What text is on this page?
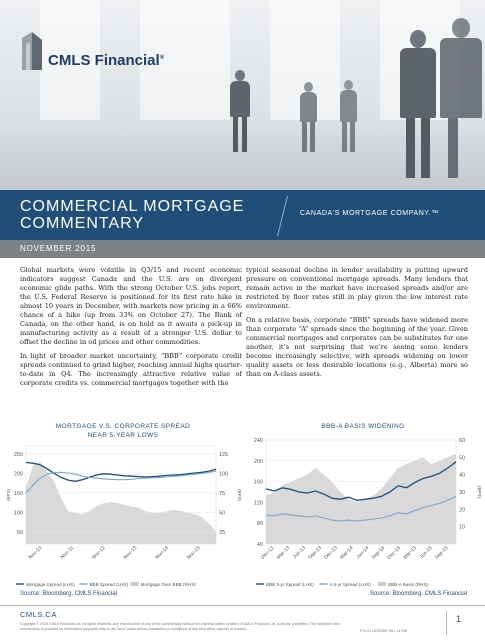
CMLS Financial®
COMMERCIAL MORTGAGE
COMMENTARY
CANADA'S MORTGAGE COMPANY.™
NOVEMBER 2015

Global markets were volatile in Q3/15 and recent economic indicators suggest Canada and the U.S. are on divergent economic glide paths. With the strong October U.S. jobs report, the U.S. Federal Reserve is positioned for its first rate hike in almost 10 years in December, with markets now pricing in a 66% chance of a hike (up from 33% on October 27). The Bank of Canada, on the other hand, is on hold as it awaits a pick-up in manufacturing activity as a result of a stronger U.S. dollar to offset the decline in oil prices and other commodities.

In light of broader market uncertainty, “BBB” corporate credit spreads continued to grind higher, reaching annual highs quarter-to-date in Q4. The increasingly attractive relative value of corporate credits vs. commercial mortgages together with the

typical seasonal decline in lender availability is putting upward pressure on conventional mortgage spreads. Many lenders that remain active in the market have increased spreads and/or are restricted by floor rates still in play given the low interest rate environment.

On a relative basis, corporate “BBB” spreads have widened more than corporate “A” spreads since the beginning of the year. Given commercial mortgages and corporates can be substitutes for one another, it’s not surprising that we’re seeing some lenders become increasingly selective, with spreads widening on lower quality assets or less desirable locations (e.g., Alberta) more so than on A-class assets.

MORTGAGE V.S. CORPORATE SPREAD
NEAR 5-YEAR LOWS
50
100
150
200
250
25
50
75
100
125
(BPS)	(BPS)
Nov-10	Nov-11	Nov-12	Nov-13	Nov-14	Nov-15
Mortgage Spread (LHS)	BBB Spread (LHS)	Mortgage Over BBB (RHS)
Source: Bloomberg, CMLS Financial
BBB-A BASIS WIDENING
40
80
120
160
200
240
10
20
30
40
50
60
(BPS)
Dec-12 Mar-13 Jun-13 Sep-13 Dec-13 Mar-14 Jun-14 Sep-14 Dec-14 Mar-15 Jun-15 Sep-15
BBB 5-yr Spread (LHS)	A 5-yr Spread (LHS)	BBB-A Basis (RHS)
Source: Bloomberg, CMLS Financial
CMLS.CA
Copyright © 2015 CMLS Financial Ltd. All rights reserved. Any reproduction of any of the commentary without the express written consent of CMLS Financial Ltd. is strictly prohibited. The material in this commentary is provided for information purposes only on an "as is" basis without warranties or conditions of any kind either express or implied.	FSCO LICENSE NO. 11706
1
